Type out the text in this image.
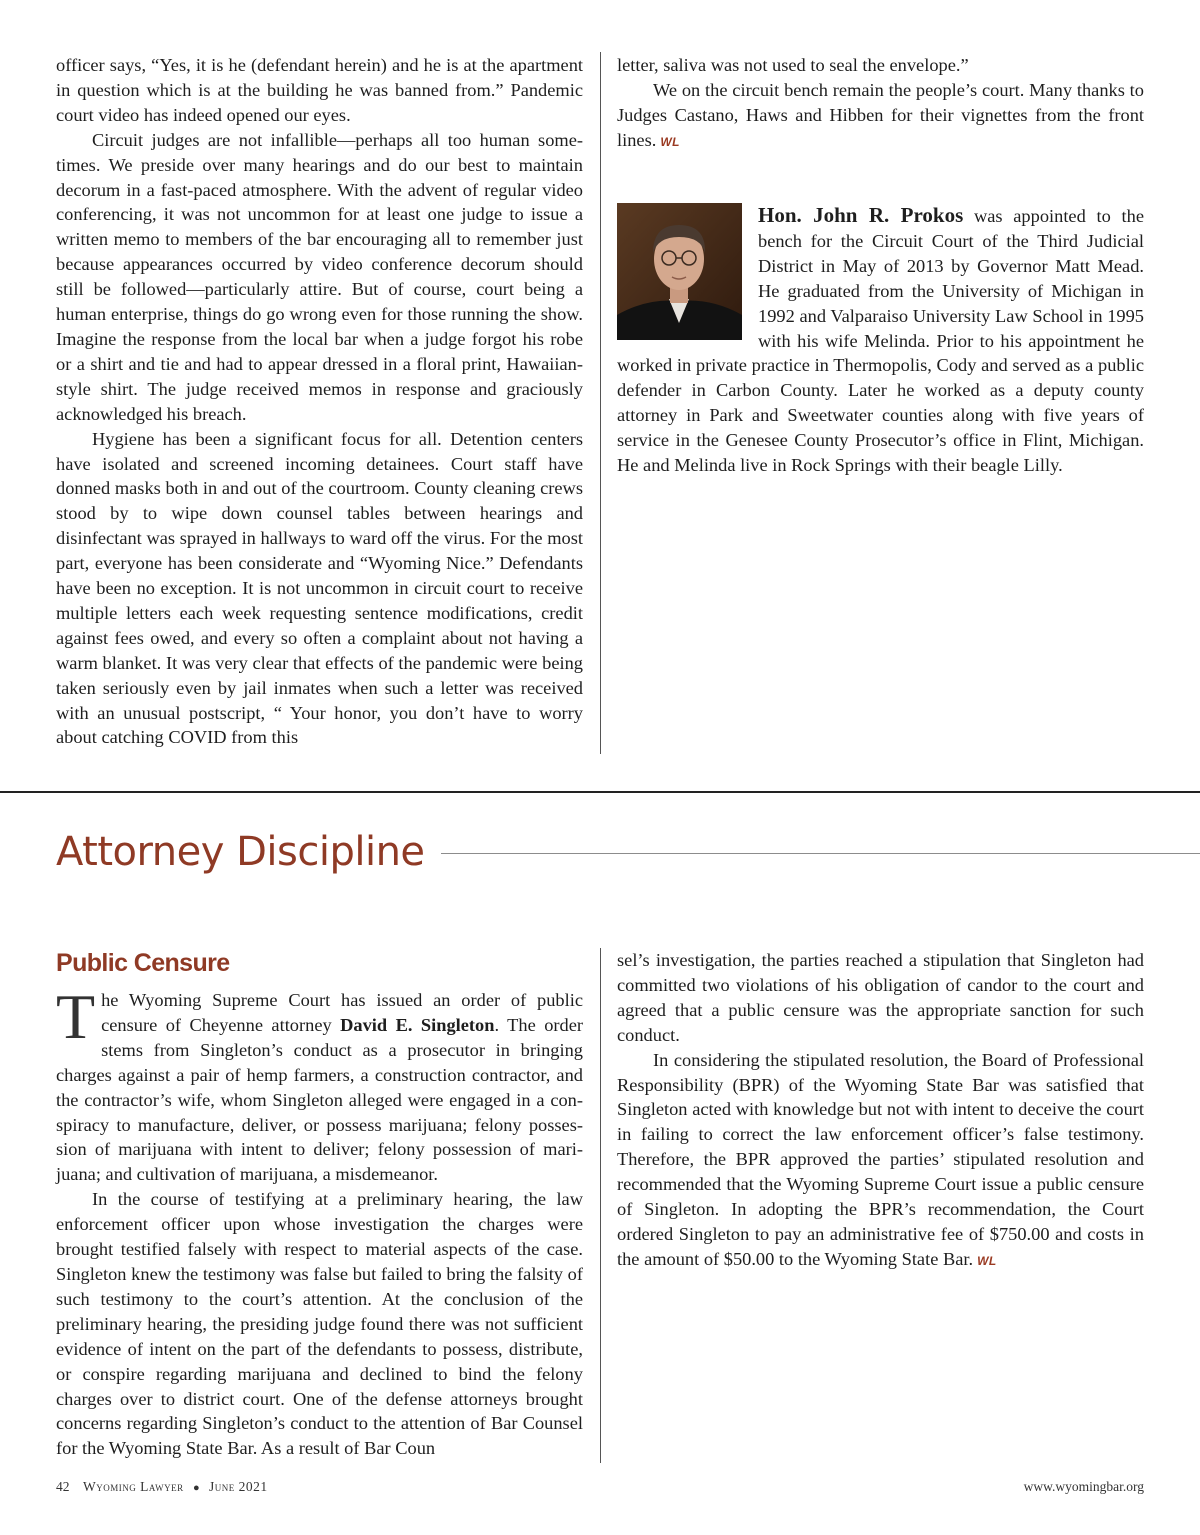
officer says, “Yes, it is he (defendant herein) and he is at the apartment in question which is at the building he was banned from.” Pandemic court video has indeed opened our eyes.

Circuit judges are not infallible—perhaps all too human sometimes. We preside over many hearings and do our best to maintain decorum in a fast-paced atmosphere. With the advent of regular video conferencing, it was not uncommon for at least one judge to issue a written memo to members of the bar encouraging all to remember just because appearances occurred by video conference decorum should still be followed—particularly attire. But of course, court being a human enterprise, things do go wrong even for those running the show. Imagine the response from the local bar when a judge forgot his robe or a shirt and tie and had to appear dressed in a floral print, Hawaiian-style shirt. The judge received memos in response and graciously acknowledged his breach.

Hygiene has been a significant focus for all. Detention centers have isolated and screened incoming detainees. Court staff have donned masks both in and out of the courtroom. County cleaning crews stood by to wipe down counsel tables between hearings and disinfectant was sprayed in hallways to ward off the virus. For the most part, everyone has been considerate and “Wyoming Nice.” Defendants have been no exception. It is not uncommon in circuit court to receive multiple letters each week requesting sentence modifications, credit against fees owed, and every so often a complaint about not having a warm blanket. It was very clear that effects of the pandemic were being taken seriously even by jail inmates when such a letter was received with an unusual postscript, “ Your honor, you don’t have to worry about catching COVID from this

letter, saliva was not used to seal the envelope.”

We on the circuit bench remain the people’s court. Many thanks to Judges Castano, Haws and Hibben for their vignettes from the front lines. WL

Hon. John R. Prokos was appointed to the bench for the Circuit Court of the Third Judicial District in May of 2013 by Governor Matt Mead. He graduated from the University of Michigan in 1992 and Valparaiso University Law School in 1995 with his wife Melinda. Prior to his appointment he worked in private practice in Thermopolis, Cody and served as a public defender in Carbon County. Later he worked as a deputy county attorney in Park and Sweetwater counties along with five years of service in the Genesee County Prosecutor’s office in Flint, Michigan. He and Melinda live in Rock Springs with their beagle Lilly.

Attorney Discipline
Public Censure

The Wyoming Supreme Court has issued an order of public censure of Cheyenne attorney David E. Singleton. The order stems from Singleton’s conduct as a prosecutor in bringing charges against a pair of hemp farmers, a construction contractor, and the contractor’s wife, whom Singleton alleged were engaged in a conspiracy to manufacture, deliver, or possess marijuana; felony possession of marijuana with intent to deliver; felony possession of marijuana; and cultivation of marijuana, a misdemeanor.

In the course of testifying at a preliminary hearing, the law enforcement officer upon whose investigation the charges were brought testified falsely with respect to material aspects of the case. Singleton knew the testimony was false but failed to bring the falsity of such testimony to the court’s attention. At the conclusion of the preliminary hearing, the presiding judge found there was not sufficient evidence of intent on the part of the defendants to possess, distribute, or conspire regarding marijuana and declined to bind the felony charges over to district court. One of the defense attorneys brought concerns regarding Singleton’s conduct to the attention of Bar Counsel for the Wyoming State Bar. As a result of Bar Coun

sel’s investigation, the parties reached a stipulation that Singleton had committed two violations of his obligation of candor to the court and agreed that a public censure was the appropriate sanction for such conduct.

In considering the stipulated resolution, the Board of Professional Responsibility (BPR) of the Wyoming State Bar was satisfied that Singleton acted with knowledge but not with intent to deceive the court in failing to correct the law enforcement officer’s false testimony. Therefore, the BPR approved the parties’ stipulated resolution and recommended that the Wyoming Supreme Court issue a public censure of Singleton. In adopting the BPR’s recommendation, the Court ordered Singleton to pay an administrative fee of $750.00 and costs in the amount of $50.00 to the Wyoming State Bar. WL

42 Wyoming Lawyer ● June 2021	www.wyomingbar.org
